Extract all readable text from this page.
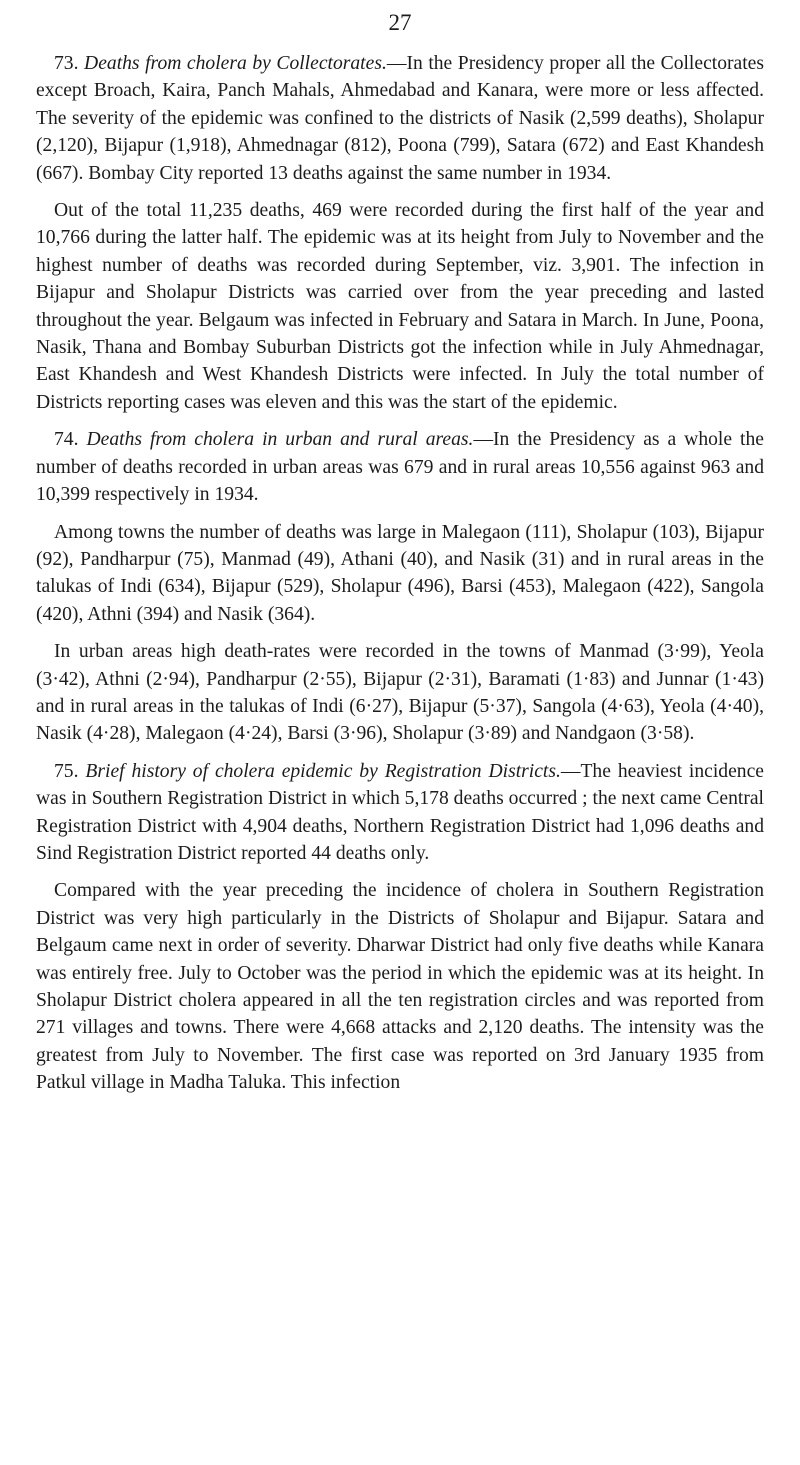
27

73. Deaths from cholera by Collectorates.—In the Presidency proper all the Collectorates except Broach, Kaira, Panch Mahals, Ahmedabad and Kanara, were more or less affected. The severity of the epidemic was confined to the districts of Nasik (2,599 deaths), Sholapur (2,120), Bijapur (1,918), Ahmednagar (812), Poona (799), Satara (672) and East Khandesh (667). Bombay City reported 13 deaths against the same number in 1934.

Out of the total 11,235 deaths, 469 were recorded during the first half of the year and 10,766 during the latter half. The epidemic was at its height from July to November and the highest number of deaths was recorded during September, viz. 3,901. The infection in Bijapur and Sholapur Districts was carried over from the year preceding and lasted throughout the year. Belgaum was infected in February and Satara in March. In June, Poona, Nasik, Thana and Bombay Suburban Districts got the infection while in July Ahmednagar, East Khandesh and West Khandesh Districts were infected. In July the total number of Districts reporting cases was eleven and this was the start of the epidemic.

74. Deaths from cholera in urban and rural areas.—In the Presidency as a whole the number of deaths recorded in urban areas was 679 and in rural areas 10,556 against 963 and 10,399 respectively in 1934.

Among towns the number of deaths was large in Malegaon (111), Sholapur (103), Bijapur (92), Pandharpur (75), Manmad (49), Athani (40), and Nasik (31) and in rural areas in the talukas of Indi (634), Bijapur (529), Sholapur (496), Barsi (453), Malegaon (422), Sangola (420), Athni (394) and Nasik (364).

In urban areas high death-rates were recorded in the towns of Manmad (3·99), Yeola (3·42), Athni (2·94), Pandharpur (2·55), Bijapur (2·31), Baramati (1·83) and Junnar (1·43) and in rural areas in the talukas of Indi (6·27), Bijapur (5·37), Sangola (4·63), Yeola (4·40), Nasik (4·28), Malegaon (4·24), Barsi (3·96), Sholapur (3·89) and Nandgaon (3·58).

75. Brief history of cholera epidemic by Registration Districts.—The heaviest incidence was in Southern Registration District in which 5,178 deaths occurred ; the next came Central Registration District with 4,904 deaths, Northern Registration District had 1,096 deaths and Sind Registration District reported 44 deaths only.

Compared with the year preceding the incidence of cholera in Southern Registration District was very high particularly in the Districts of Sholapur and Bijapur. Satara and Belgaum came next in order of severity. Dharwar District had only five deaths while Kanara was entirely free. July to October was the period in which the epidemic was at its height. In Sholapur District cholera appeared in all the ten registration circles and was reported from 271 villages and towns. There were 4,668 attacks and 2,120 deaths. The intensity was the greatest from July to November. The first case was reported on 3rd January 1935 from Patkul village in Madha Taluka. This infection
